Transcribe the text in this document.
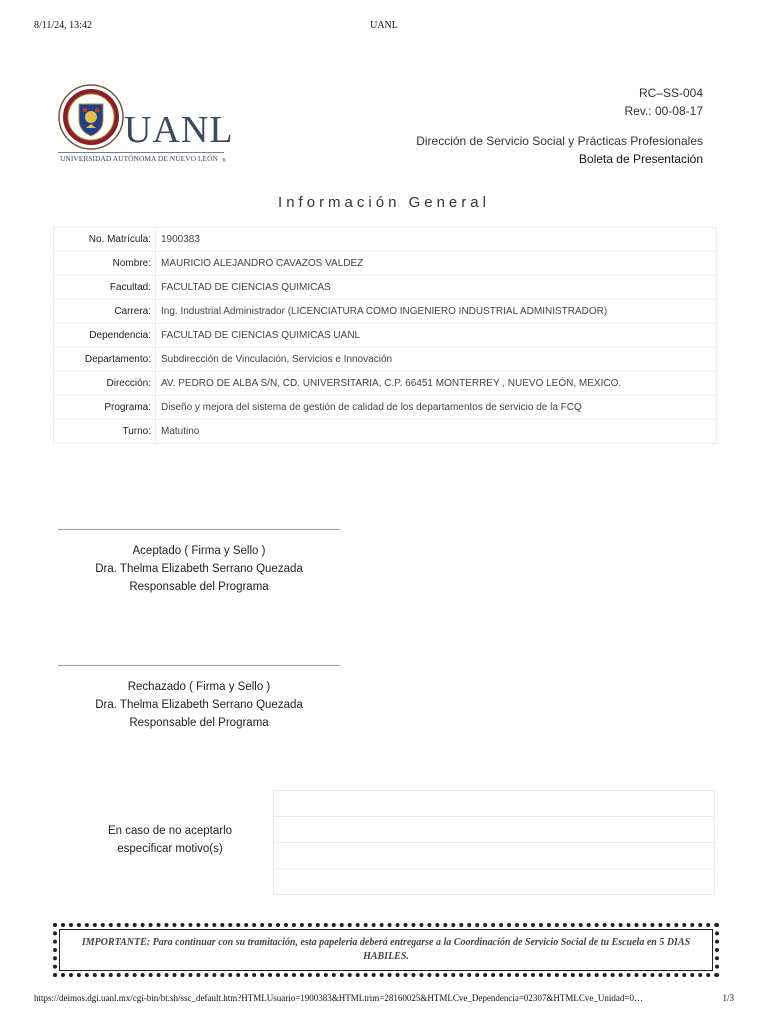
8/11/24, 13:42	UANL
UANL
UNIVERSIDAD AUTÓNOMA DE NUEVO LEÓN ®
RC–SS-004
Rev.: 00-08-17
Dirección de Servicio Social y Prácticas Profesionales
Boleta de Presentación
Información General
No. Matrícula:	1900383
Nombre:	MAURICIO ALEJANDRO CAVAZOS VALDEZ
Facultad:	FACULTAD DE CIENCIAS QUIMICAS
Carrera:	Ing. Industrial Administrador (LICENCIATURA COMO INGENIERO INDUSTRIAL ADMINISTRADOR)
Dependencia:	FACULTAD DE CIENCIAS QUIMICAS UANL
Departamento:	Subdirección de Vinculación, Servicios e Innovación
Dirección:	AV. PEDRO DE ALBA S/N, CD. UNIVERSITARIA, C.P. 66451 MONTERREY , NUEVO LEÓN, MEXICO.
Programa:	Diseño y mejora del sistema de gestión de calidad de los departamentos de servicio de la FCQ
Turno:	Matutino
Aceptado ( Firma y Sello )
Dra. Thelma Elizabeth Serrano Quezada
Responsable del Programa
Rechazado ( Firma y Sello )
Dra. Thelma Elizabeth Serrano Quezada
Responsable del Programa
En caso de no aceptarlo
especificar motivo(s)

IMPORTANTE: Para continuar con su tramitación, esta papeleria deberá entregarse a la Coordinación de Servicio Social de tu Escuela en 5 DIAS HABILES.
https://deimos.dgi.uanl.mx/cgi-bin/bt.sh/ssc_default.htm?HTMLUsuario=1900383&HTMLtrim=28160025&HTMLCve_Dependencia=02307&HTMLCve_Unidad=0…	1/3
